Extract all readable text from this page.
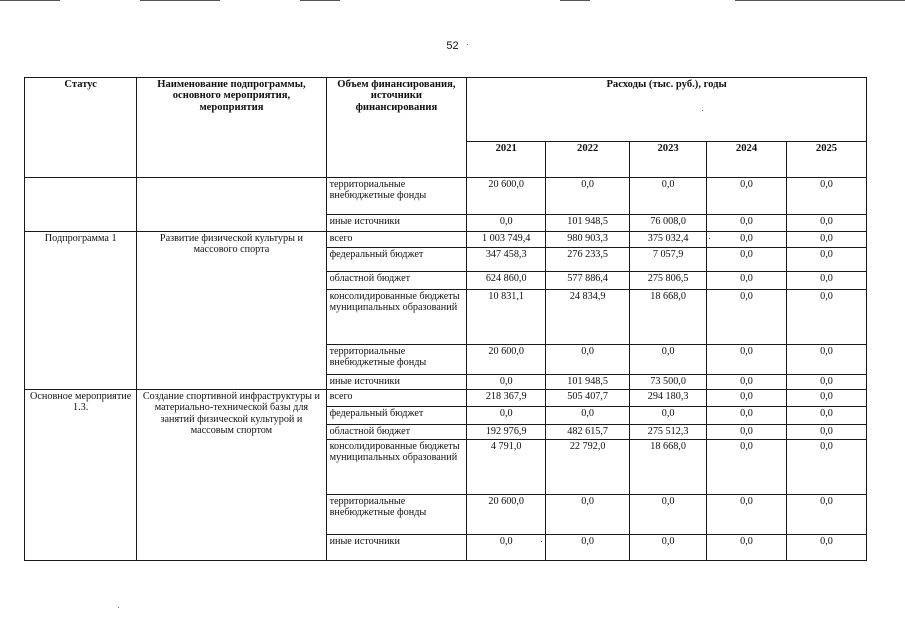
52
Статус	Наименование подпрограммы, основного мероприятия, мероприятия	Объем финансирования, источники финансирования	Расходы (тыс. руб.), годы				
			2021	2022	2023	2024	2025
		территориальные внебюджетные фонды	20 600,0	0,0	0,0	0,0	0,0
		иные источники	0,0	101 948,5	76 008,0	0,0	0,0
Подпрограмма 1	Развитие физической культуры и массового спорта	всего	1 003 749,4	980 903,3	375 032,4	0,0	0,0
		федеральный бюджет	347 458,3	276 233,5	7 057,9	0,0	0,0
		областной бюджет	624 860,0	577 886,4	275 806,5	0,0	0,0
		консолидированные бюджеты муниципальных образований	10 831,1	24 834,9	18 668,0	0,0	0,0
		территориальные внебюджетные фонды	20 600,0	0,0	0,0	0,0	0,0
		иные источники	0,0	101 948,5	73 500,0	0,0	0,0
Основное мероприятие 1.3.	Создание спортивной инфраструктуры и материально-технической базы для занятий физической культурой и массовым спортом	всего	218 367,9	505 407,7	294 180,3	0,0	0,0
		федеральный бюджет	0,0	0,0	0,0	0,0	0,0
		областной бюджет	192 976,9	482 615,7	275 512,3	0,0	0,0
		консолидированные бюджеты муниципальных образований	4 791,0	22 792,0	18 668,0	0,0	0,0
		территориальные внебюджетные фонды	20 600,0	0,0	0,0	0,0	0,0
		иные источники	0,0	0,0	0,0	0,0	0,0
